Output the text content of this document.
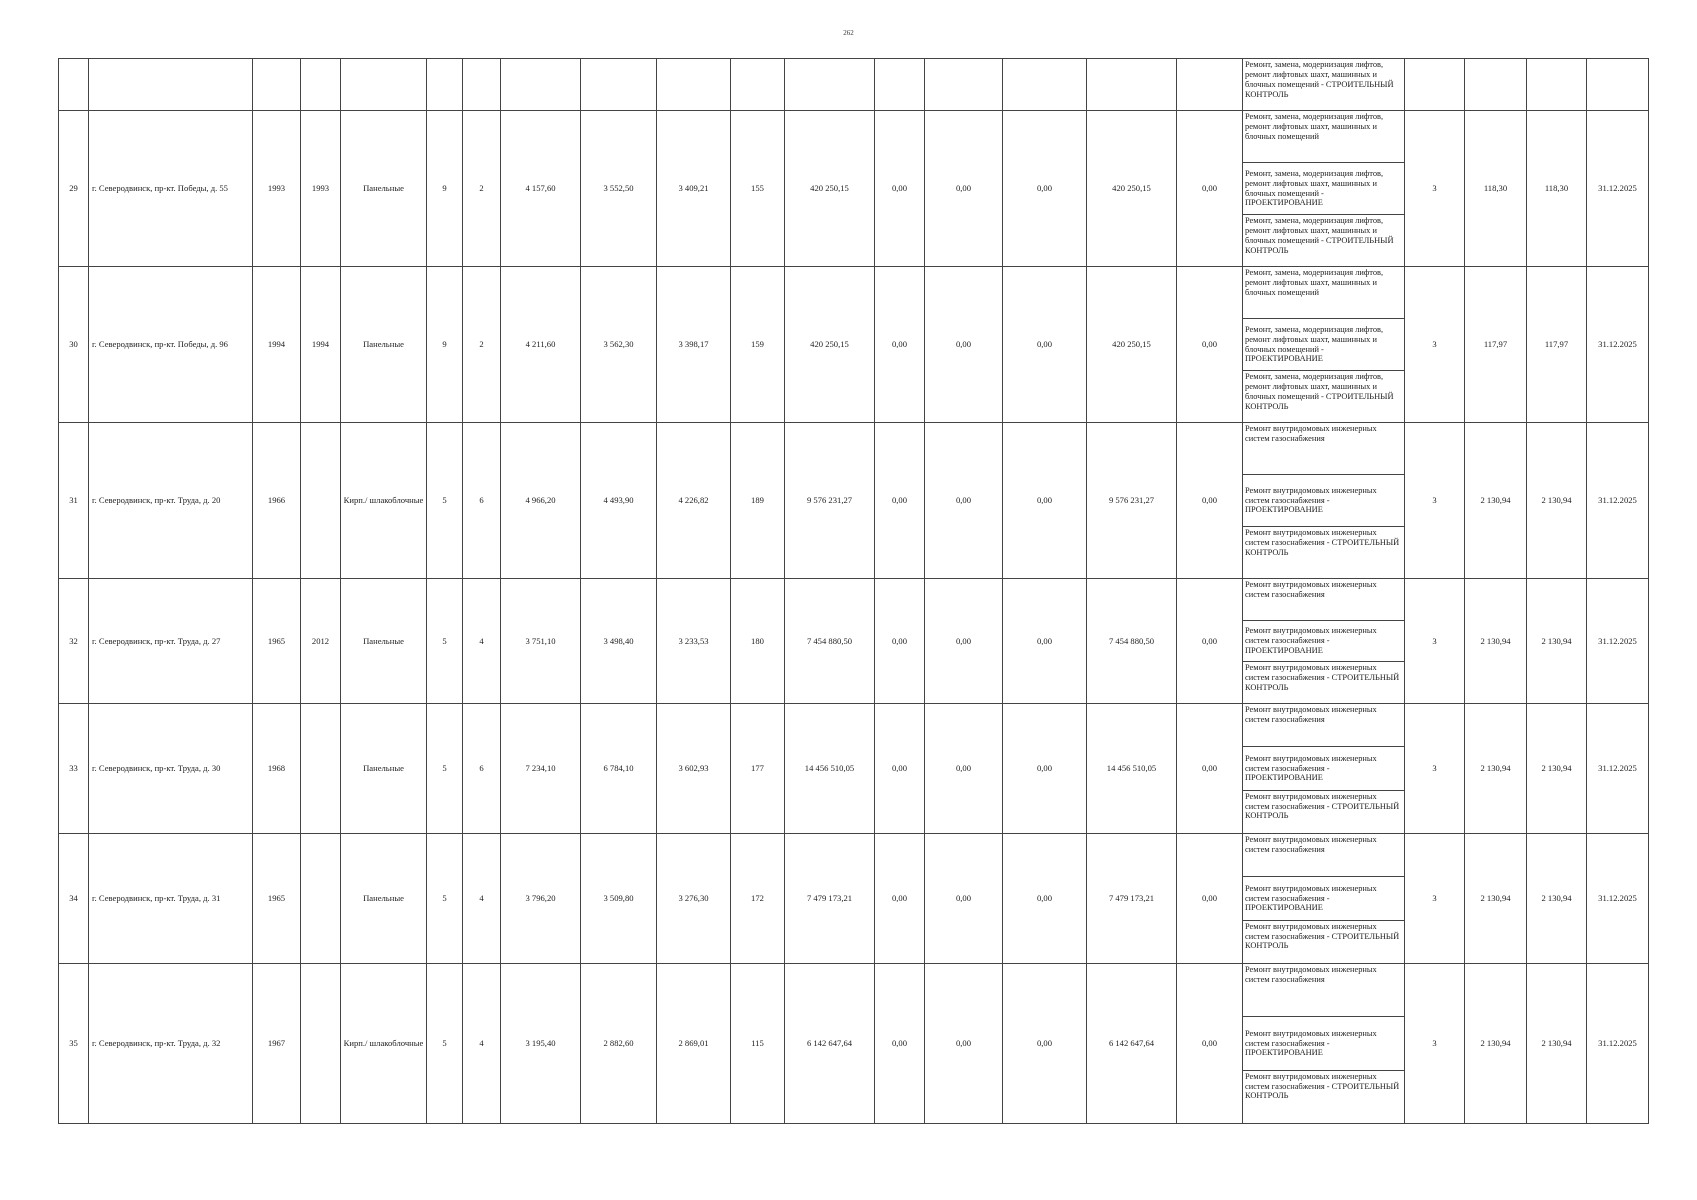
262

																	Ремонт, замена, модернизация лифтов, ремонт лифтовых шахт, машинных и блочных помещений - СТРОИТЕЛЬНЫЙ КОНТРОЛЬ				

29	г. Северодвинск, пр-кт. Победы, д. 55	1993	1993	Панельные	9	2	4 157,60	3 552,50	3 409,21	155	420 250,15	0,00	0,00	0,00	420 250,15	0,00	Ремонт, замена, модернизация лифтов, ремонт лифтовых шахт, машинных и блочных помещений
Ремонт, замена, модернизация лифтов, ремонт лифтовых шахт, машинных и блочных помещений - ПРОЕКТИРОВАНИЕ
Ремонт, замена, модернизация лифтов, ремонт лифтовых шахт, машинных и блочных помещений - СТРОИТЕЛЬНЫЙ КОНТРОЛЬ	3	118,30	118,30	31.12.2025
30	г. Северодвинск, пр-кт. Победы, д. 96	1994	1994	Панельные	9	2	4 211,60	3 562,30	3 398,17	159	420 250,15	0,00	0,00	0,00	420 250,15	0,00	Ремонт, замена, модернизация лифтов, ремонт лифтовых шахт, машинных и блочных помещений
Ремонт, замена, модернизация лифтов, ремонт лифтовых шахт, машинных и блочных помещений - ПРОЕКТИРОВАНИЕ
Ремонт, замена, модернизация лифтов, ремонт лифтовых шахт, машинных и блочных помещений - СТРОИТЕЛЬНЫЙ КОНТРОЛЬ	3	117,97	117,97	31.12.2025
31	г. Северодвинск, пр-кт. Труда, д. 20	1966		Кирп./ шлакоблочные	5	6	4 966,20	4 493,90	4 226,82	189	9 576 231,27	0,00	0,00	0,00	9 576 231,27	0,00	Ремонт внутридомовых инженерных систем газоснабжения
Ремонт внутридомовых инженерных систем газоснабжения - ПРОЕКТИРОВАНИЕ
Ремонт внутридомовых инженерных систем газоснабжения - СТРОИТЕЛЬНЫЙ КОНТРОЛЬ	3	2 130,94	2 130,94	31.12.2025
32	г. Северодвинск, пр-кт. Труда, д. 27	1965	2012	Панельные	5	4	3 751,10	3 498,40	3 233,53	180	7 454 880,50	0,00	0,00	0,00	7 454 880,50	0,00	Ремонт внутридомовых инженерных систем газоснабжения
Ремонт внутридомовых инженерных систем газоснабжения - ПРОЕКТИРОВАНИЕ
Ремонт внутридомовых инженерных систем газоснабжения - СТРОИТЕЛЬНЫЙ КОНТРОЛЬ	3	2 130,94	2 130,94	31.12.2025
33	г. Северодвинск, пр-кт. Труда, д. 30	1968		Панельные	5	6	7 234,10	6 784,10	3 602,93	177	14 456 510,05	0,00	0,00	0,00	14 456 510,05	0,00	Ремонт внутридомовых инженерных систем газоснабжения
Ремонт внутридомовых инженерных систем газоснабжения - ПРОЕКТИРОВАНИЕ
Ремонт внутридомовых инженерных систем газоснабжения - СТРОИТЕЛЬНЫЙ КОНТРОЛЬ	3	2 130,94	2 130,94	31.12.2025
34	г. Северодвинск, пр-кт. Труда, д. 31	1965		Панельные	5	4	3 796,20	3 509,80	3 276,30	172	7 479 173,21	0,00	0,00	0,00	7 479 173,21	0,00	Ремонт внутридомовых инженерных систем газоснабжения
Ремонт внутридомовых инженерных систем газоснабжения - ПРОЕКТИРОВАНИЕ
Ремонт внутридомовых инженерных систем газоснабжения - СТРОИТЕЛЬНЫЙ КОНТРОЛЬ	3	2 130,94	2 130,94	31.12.2025
35	г. Северодвинск, пр-кт. Труда, д. 32	1967		Кирп./ шлакоблочные	5	4	3 195,40	2 882,60	2 869,01	115	6 142 647,64	0,00	0,00	0,00	6 142 647,64	0,00	Ремонт внутридомовых инженерных систем газоснабжения
Ремонт внутридомовых инженерных систем газоснабжения - ПРОЕКТИРОВАНИЕ
Ремонт внутридомовых инженерных систем газоснабжения - СТРОИТЕЛЬНЫЙ КОНТРОЛЬ	3	2 130,94	2 130,94	31.12.2025
